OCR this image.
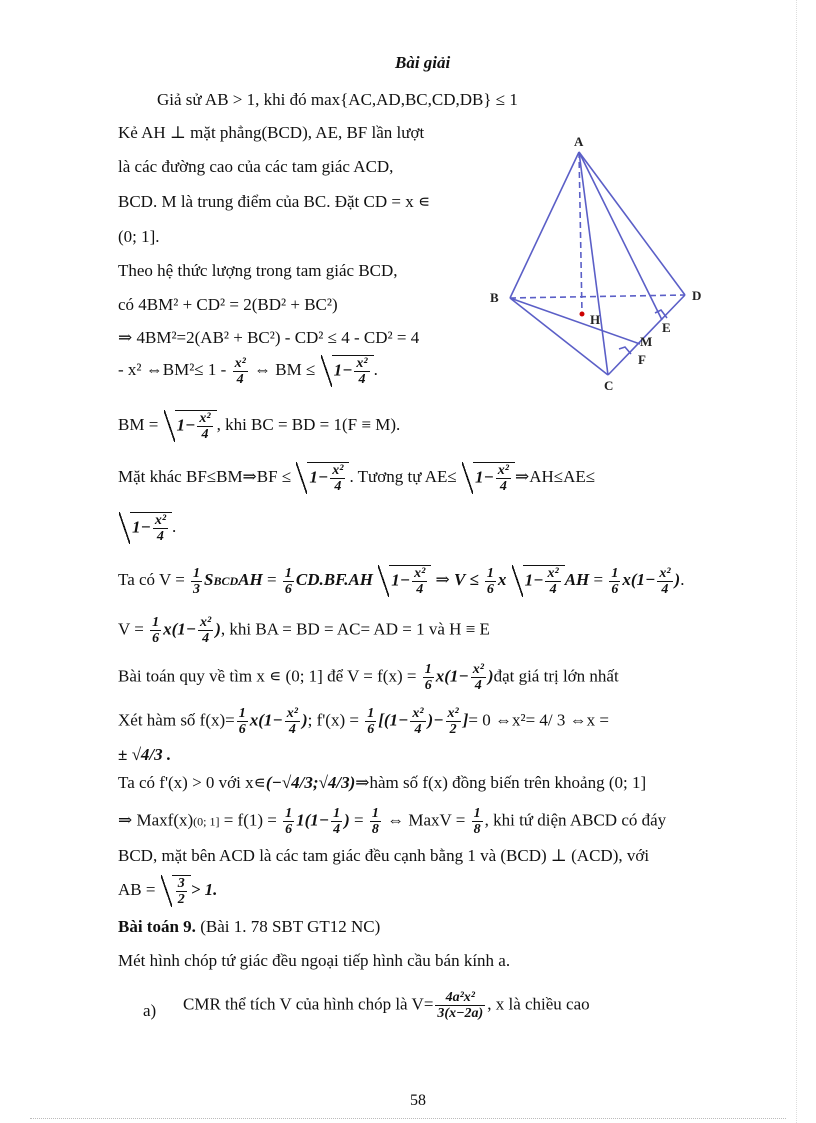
Bài giải
Giả sử AB > 1, khi đó max{AC,AD,BC,CD,DB} ≤ 1
Kẻ AH ⊥ mặt phẳng(BCD), AE, BF lần lượt
là các đường cao của các tam giác ACD,
BCD. M là trung điểm của BC. Đặt CD = x ∊
(0; 1].
Theo hệ thức lượng trong tam giác BCD,
có 4BM² + CD² = 2(BD² + BC²)
⇒ 4BM²=2(AB² + BC²) - CD² ≤ 4 - CD² = 4
- x² ⇔BM²≤ $1 - \frac{\text{x²}}{4}$ ⇔ BM ≤ $1- \frac{\text{x²}}{4}$ .
BM = $1- \frac{\text{x²}}{4}$ , khi BC = BD = 1(F ≡ M).
Mặt khác BF≤BM⇒BF ≤ $1- \frac{\text{x²}}{4}$ . Tương tự $AE\le 1- \frac{\text{x²}}{4}$ ⇒AH≤AE≤
$1- \frac{\text{x²}}{4}$ .
Ta có $V = \frac{1}{3}$ SBCDAH = $\frac{1}{6} CD.BF.AH$ $1- \frac{\text{x²}}{4}$ ⇒ $V \le \frac{1}{6}$ x $1- \frac{\text{x²}}{4}$ AH = $\frac{1}{6} x(1- \frac{\text{x²}}{4}$ ).
$V = \frac{1}{6} x(1- \frac{\text{x²}}{4}$ ), khi BA = BD = AC= AD = 1 và H ≡ E
Bài toán quy về tìm x ∊ (0; 1] để $V = f(x) = \frac{1}{6} x(1- \frac{\text{x²}}{4}$ )đạt giá trị lớn nhất
Xét hàm số $f(x)= \frac{1}{6} x(1- \frac{\text{x²}}{4}$ ); $f'(x) = \frac{1}{6} [(1- \frac{\text{x²}}{4}$ )− $\frac{\text{x²}}{2}$ ]= 0 ⇔x²= 4/ 3 ⇔x =
± √4/3 .
Ta có f'(x) > 0 với x∊(−√4/3;√4/3)⇒hàm số f(x) đồng biến trên khoảng (0; 1]
⇒ Maxf(x)(0; $1] = f(1) = \frac{1}{6} 1(1- \frac{1}{4}$ ) = $\frac{1}{8}$ ⇔ MaxV = $\frac{1}{8}$ , khi tứ diện ABCD có đáy
BCD, mặt bên ACD là các tam giác đều cạnh bằng 1 và (BCD) ⊥ (ACD), với
AB = $\frac{3}{2} > 1$.
Bài toán 9. (Bài 1. 78 SBT GT12 NC)
Mét hình chóp tứ giác đều ngoại tiếp hình cầu bán kính a.
a) CMR thể tích V của hình chóp là $V= \frac{\text{4a²x²}}{3(x-2a)}$ , x là chiều cao
A
B
C
D
E
F
H
M
58
